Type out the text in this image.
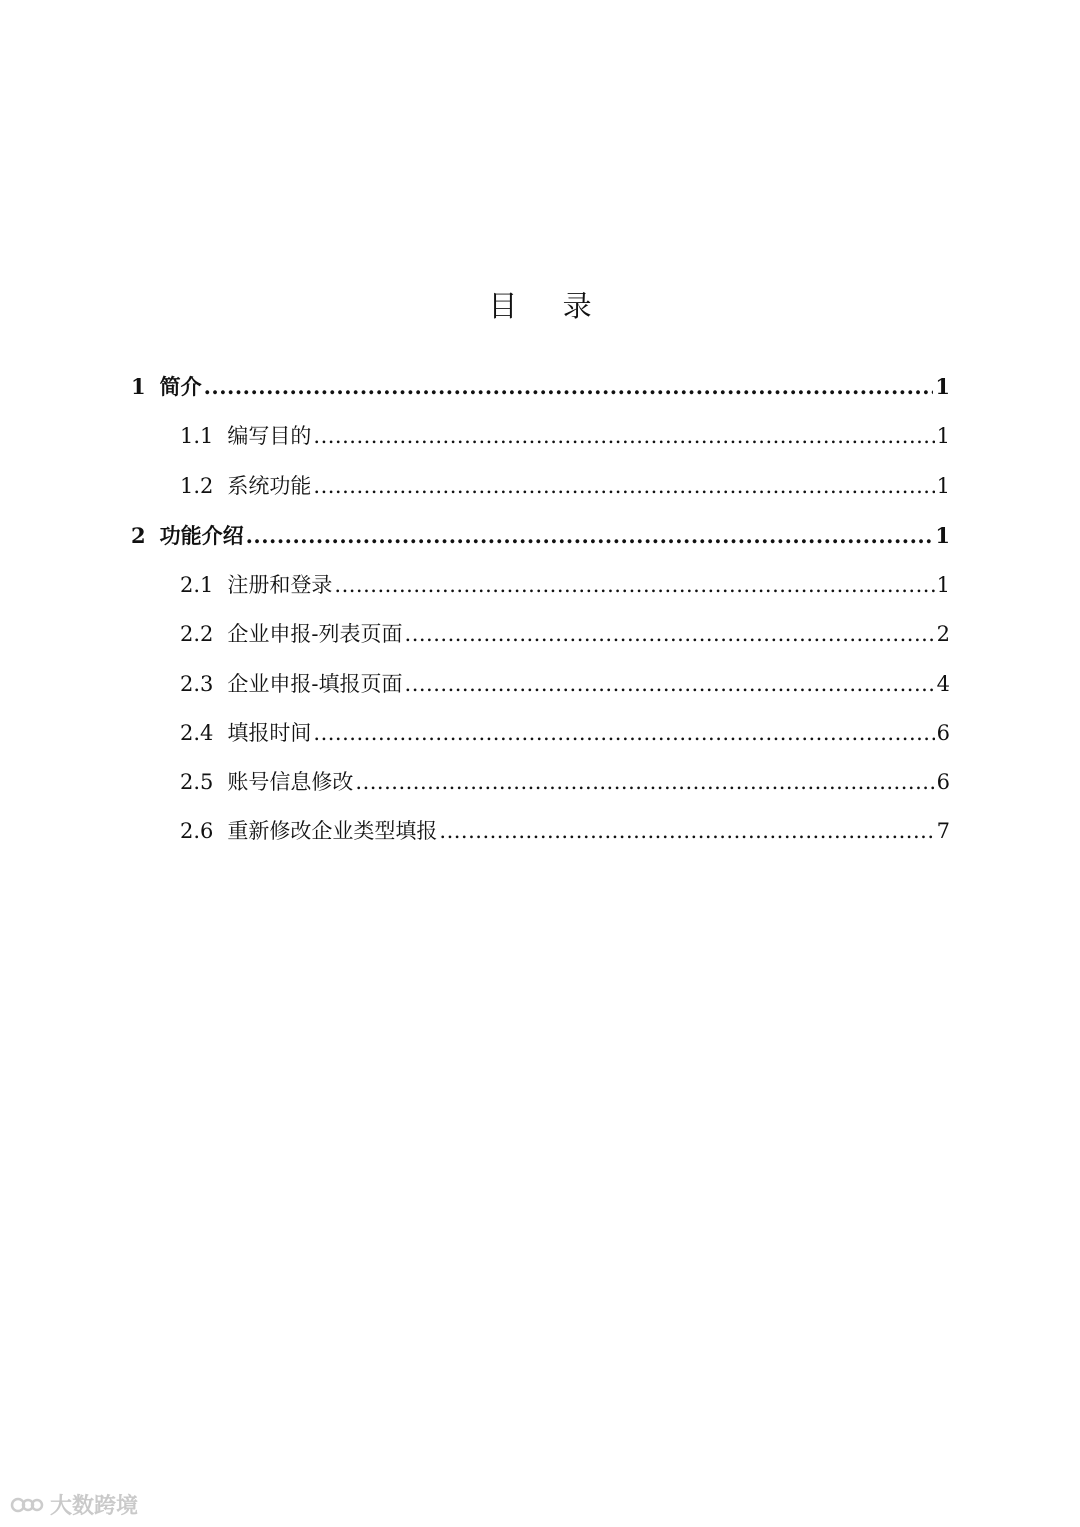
目 录
1 简介 .....	1
1.1 编写目的 .....	1
1.2 系统功能 .....	1
2 功能介绍 .....	1
2.1 注册和登录 .....	1
2.2 企业申报-列表页面 .....	2
2.3 企业申报-填报页面 .....	4
2.4 填报时间 .....	6
2.5 账号信息修改 .....	6
2.6 重新修改企业类型填报 .....	7
大数跨境
